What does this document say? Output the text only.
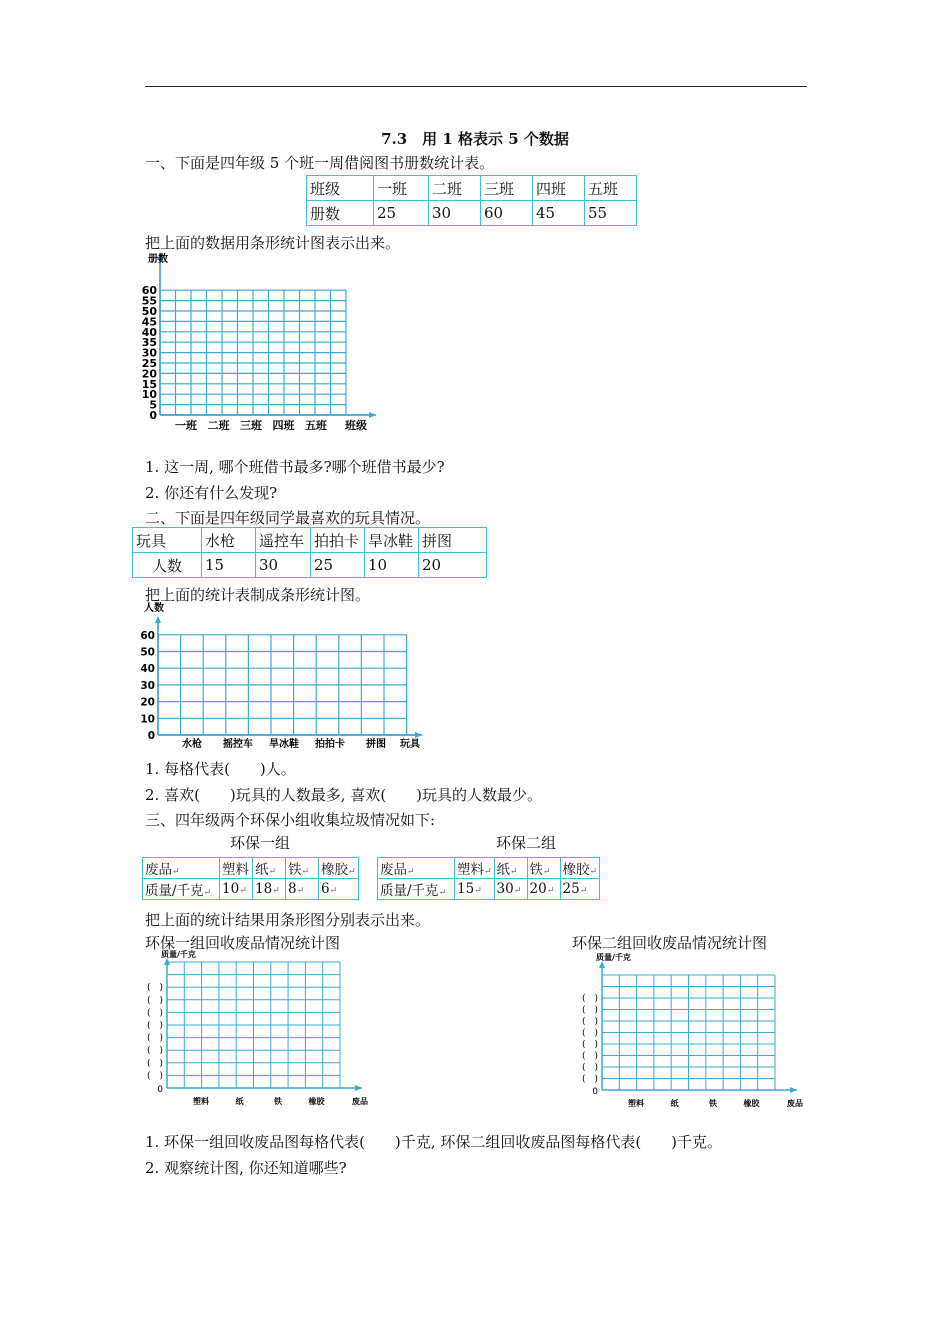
7.3　用 1 格表示 5 个数据
一、下面是四年级 5 个班一周借阅图书册数统计表。
班级	一班	二班	三班	四班	五班
册数	25	30	60	45	55
把上面的数据用条形统计图表示出来。
册数
0
5
10
15
20
25
30
35
40
45
50
55
60
一班 二班 三班 四班 五班 班级
1. 这一周, 哪个班借书最多?哪个班借书最少?
2. 你还有什么发现?
二、下面是四年级同学最喜欢的玩具情况。
玩具	水枪	遥控车	拍拍卡	旱冰鞋	拼图
人数	15	30	25	10	20
把上面的统计表制成条形统计图。
人数
0
10
20
30
40
50
60
水枪 摇控车 旱冰鞋 拍拍卡 拼图 玩具
1. 每格代表(　　)人。
2. 喜欢(　　)玩具的人数最多, 喜欢(　　)玩具的人数最少。
三、四年级两个环保小组收集垃圾情况如下:
环保一组	环保二组
废品↵	塑料	纸↵	铁↵	橡胶↵
质量/千克↵	10↵	18↵	8↵	6↵
废品↵	塑料↵	纸↵	铁↵	橡胶↵
质量/千克↵	15↵	30↵	20↵	25↵
把上面的统计结果用条形图分别表示出来。
环保一组回收废品情况统计图	环保二组回收废品情况统计图
质量/千克
0
(　)
(　)
(　)
(　)
(　)
(　)
(　)
(　)
塑料	纸	铁	橡胶	废品
质量/千克
0
(　)
(　)
(　)
(　)
(　)
(　)
(　)
(　)
塑料	纸	铁	橡胶	废品
1. 环保一组回收废品图每格代表(　　)千克, 环保二组回收废品图每格代表(　　)千克。
2. 观察统计图, 你还知道哪些?
